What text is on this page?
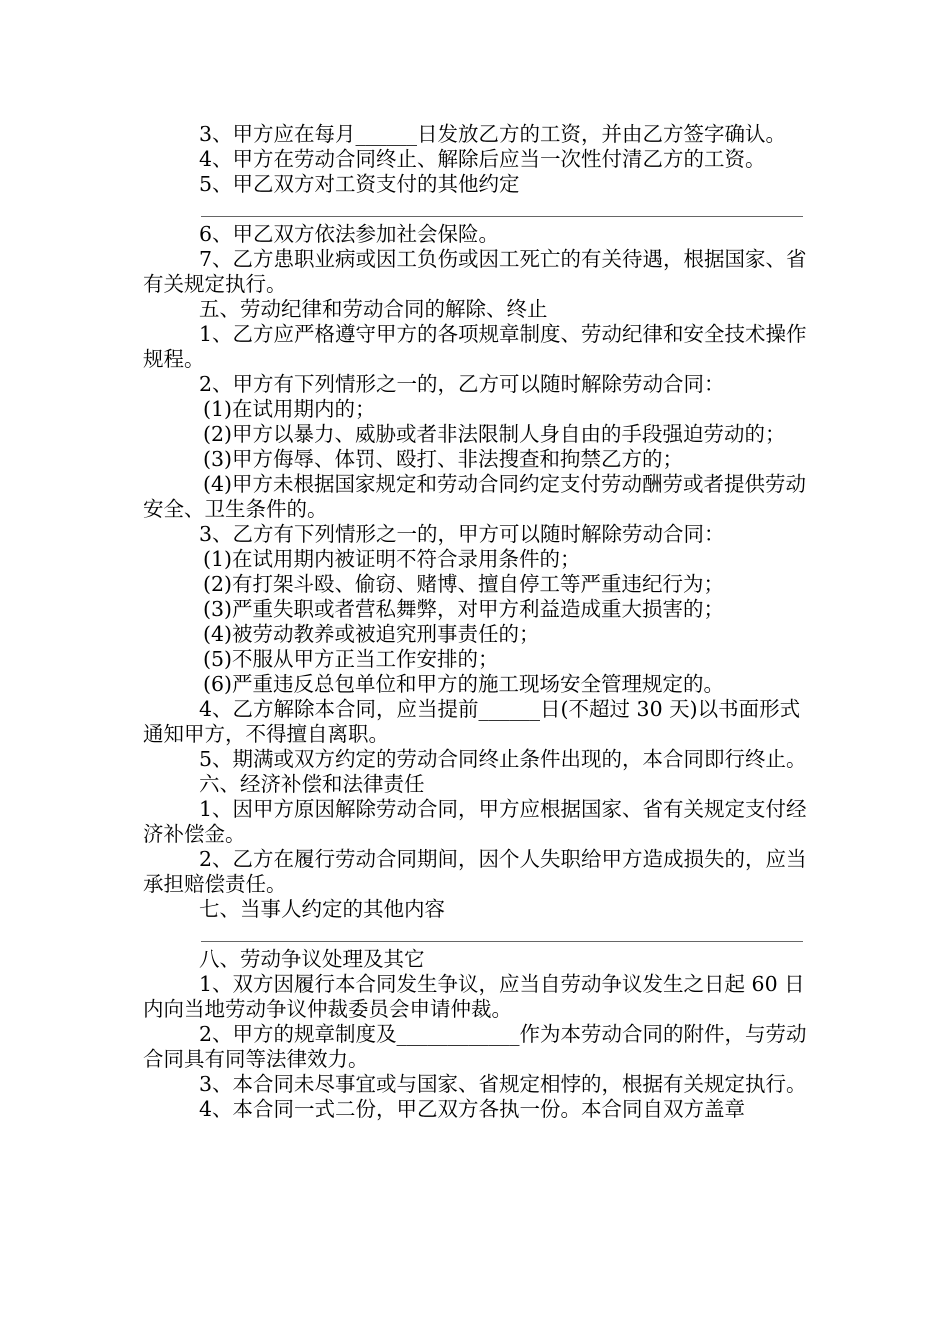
3、甲方应在每月______日发放乙方的工资，并由乙方签字确认。

4、甲方在劳动合同终止、解除后应当一次性付清乙方的工资。

5、甲乙双方对工资支付的其他约定

6、甲乙双方依法参加社会保险。

7、乙方患职业病或因工负伤或因工死亡的有关待遇，根据国家、省有关规定执行。

五、劳动纪律和劳动合同的解除、终止

1、乙方应严格遵守甲方的各项规章制度、劳动纪律和安全技术操作规程。

2、甲方有下列情形之一的，乙方可以随时解除劳动合同：

(1)在试用期内的；

(2)甲方以暴力、威胁或者非法限制人身自由的手段强迫劳动的；

(3)甲方侮辱、体罚、殴打、非法搜查和拘禁乙方的；

(4)甲方未根据国家规定和劳动合同约定支付劳动酬劳或者提供劳动安全、卫生条件的。

3、乙方有下列情形之一的，甲方可以随时解除劳动合同：

(1)在试用期内被证明不符合录用条件的；

(2)有打架斗殴、偷窃、赌博、擅自停工等严重违纪行为；

(3)严重失职或者营私舞弊，对甲方利益造成重大损害的；

(4)被劳动教养或被追究刑事责任的；

(5)不服从甲方正当工作安排的；

(6)严重违反总包单位和甲方的施工现场安全管理规定的。

4、乙方解除本合同，应当提前______日(不超过 30 天)以书面形式通知甲方，不得擅自离职。

5、期满或双方约定的劳动合同终止条件出现的，本合同即行终止。

六、经济补偿和法律责任

1、因甲方原因解除劳动合同，甲方应根据国家、省有关规定支付经济补偿金。

2、乙方在履行劳动合同期间，因个人失职给甲方造成损失的，应当承担赔偿责任。

七、当事人约定的其他内容

八、劳动争议处理及其它

1、双方因履行本合同发生争议，应当自劳动争议发生之日起 60 日内向当地劳动争议仲裁委员会申请仲裁。

2、甲方的规章制度及____________作为本劳动合同的附件，与劳动合同具有同等法律效力。

3、本合同未尽事宜或与国家、省规定相悖的，根据有关规定执行。

4、本合同一式二份，甲乙双方各执一份。本合同自双方盖章
